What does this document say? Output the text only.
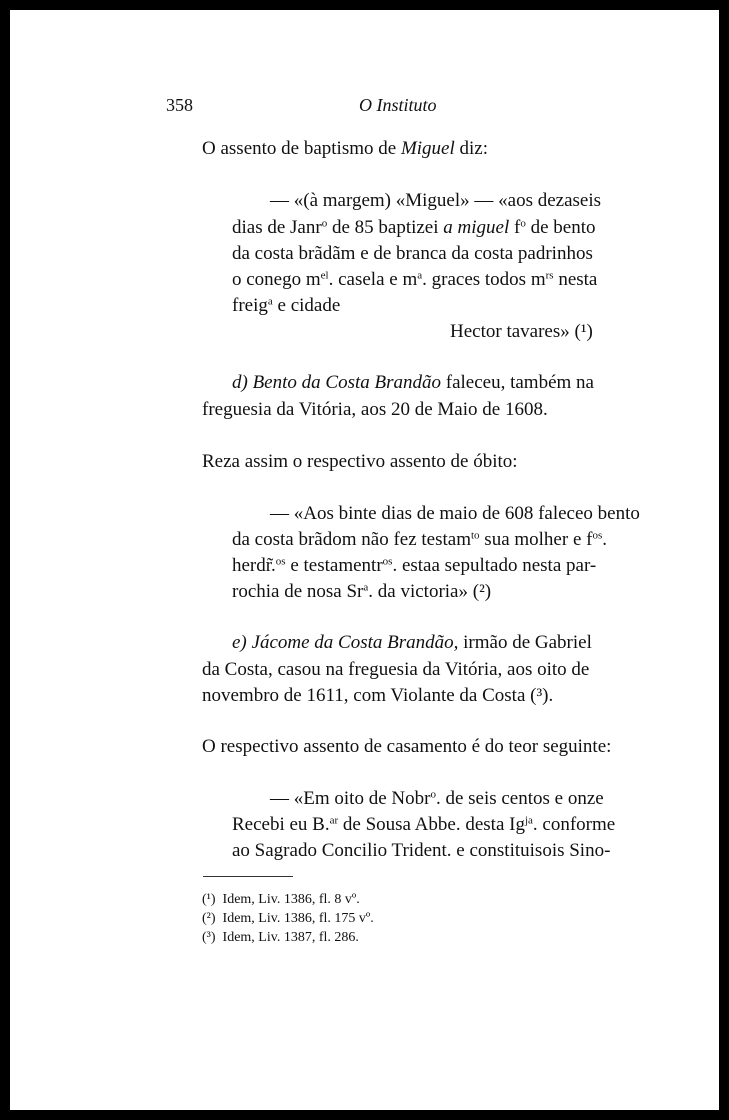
358	O Instituto
O assento de baptismo de Miguel diz:
— «(à margem) «Miguel» — «aos dezaseis
dias de Janr$^o$ de 85 baptizei a miguel $f^o$ de bento
da costa brãdãm e de branca da costa padrinhos
o conego $m^{el}$. casela e $m^a$. graces todos $m^{rs}$ nesta
freig$^a$ e cidade
Hector tavares» (¹)
d) Bento da Costa Brandão faleceu, também na
freguesia da Vitória, aos 20 de Maio de 1608.
Reza assim o respectivo assento de óbito:
— «Aos binte dias de maio de 608 faleceo bento
da costa brãdom não fez testam$^{to}$ sua molher e $f^{os}$.
herdr̃.$^{os}$ e testamentr$^{os}$. estaa sepultado nesta par-
rochia de nosa Sr$^a$. da victoria» (²)
e) Jácome da Costa Brandão, irmão de Gabriel
da Costa, casou na freguesia da Vitória, aos oito de
novembro de 1611, com Violante da Costa (³).
O respectivo assento de casamento é do teor seguinte:
— «Em oito de Nobr$^o$. de seis centos e onze
Recebi eu B.$^{ar}$ de Sousa Abbe. desta $Ig^{ja}$. conforme
ao Sagrado Concilio Trident. e constituisois Sino-
(¹) Idem, Liv. 1386, fl. 8 vº.
(²) Idem, Liv. 1386, fl. 175 vº.
(³) Idem, Liv. 1387, fl. 286.
